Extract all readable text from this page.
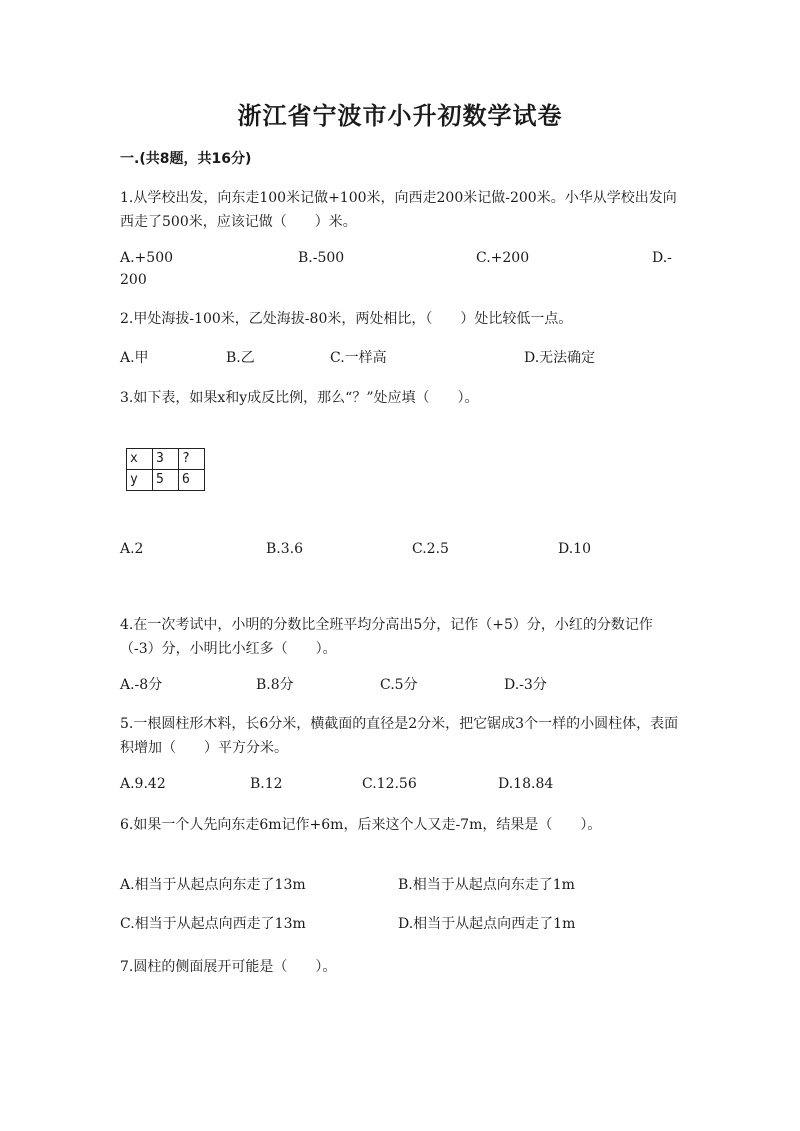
浙江省宁波市小升初数学试卷
一.(共8题，共16分)
1.从学校出发，向东走100米记做+100米，向西走200米记做-200米。小华从学校出发向西走了500米，应该记做（　　）米。
A.+500	B.-500	C.+200	D.-
200
2.甲处海拔-100米，乙处海拔-80米，两处相比，（　　）处比较低一点。
A.甲	B.乙	C.一样高	D.无法确定
3.如下表，如果x和y成反比例，那么“？”处应填（　　）。
x	3	?
y	5	6
A.2	B.3.6	C.2.5	D.10
4.在一次考试中，小明的分数比全班平均分高出5分，记作（+5）分，小红的分数记作（-3）分，小明比小红多（　　）。
A.-8分	B.8分	C.5分	D.-3分
5.一根圆柱形木料，长6分米，横截面的直径是2分米，把它锯成3个一样的小圆柱体，表面积增加（　　）平方分米。
A.9.42	B.12	C.12.56	D.18.84
6.如果一个人先向东走6m记作+6m，后来这个人又走-7m，结果是（　　）。
A.相当于从起点向东走了13m	B.相当于从起点向东走了1m
C.相当于从起点向西走了13m	D.相当于从起点向西走了1m
7.圆柱的侧面展开可能是（　　）。
